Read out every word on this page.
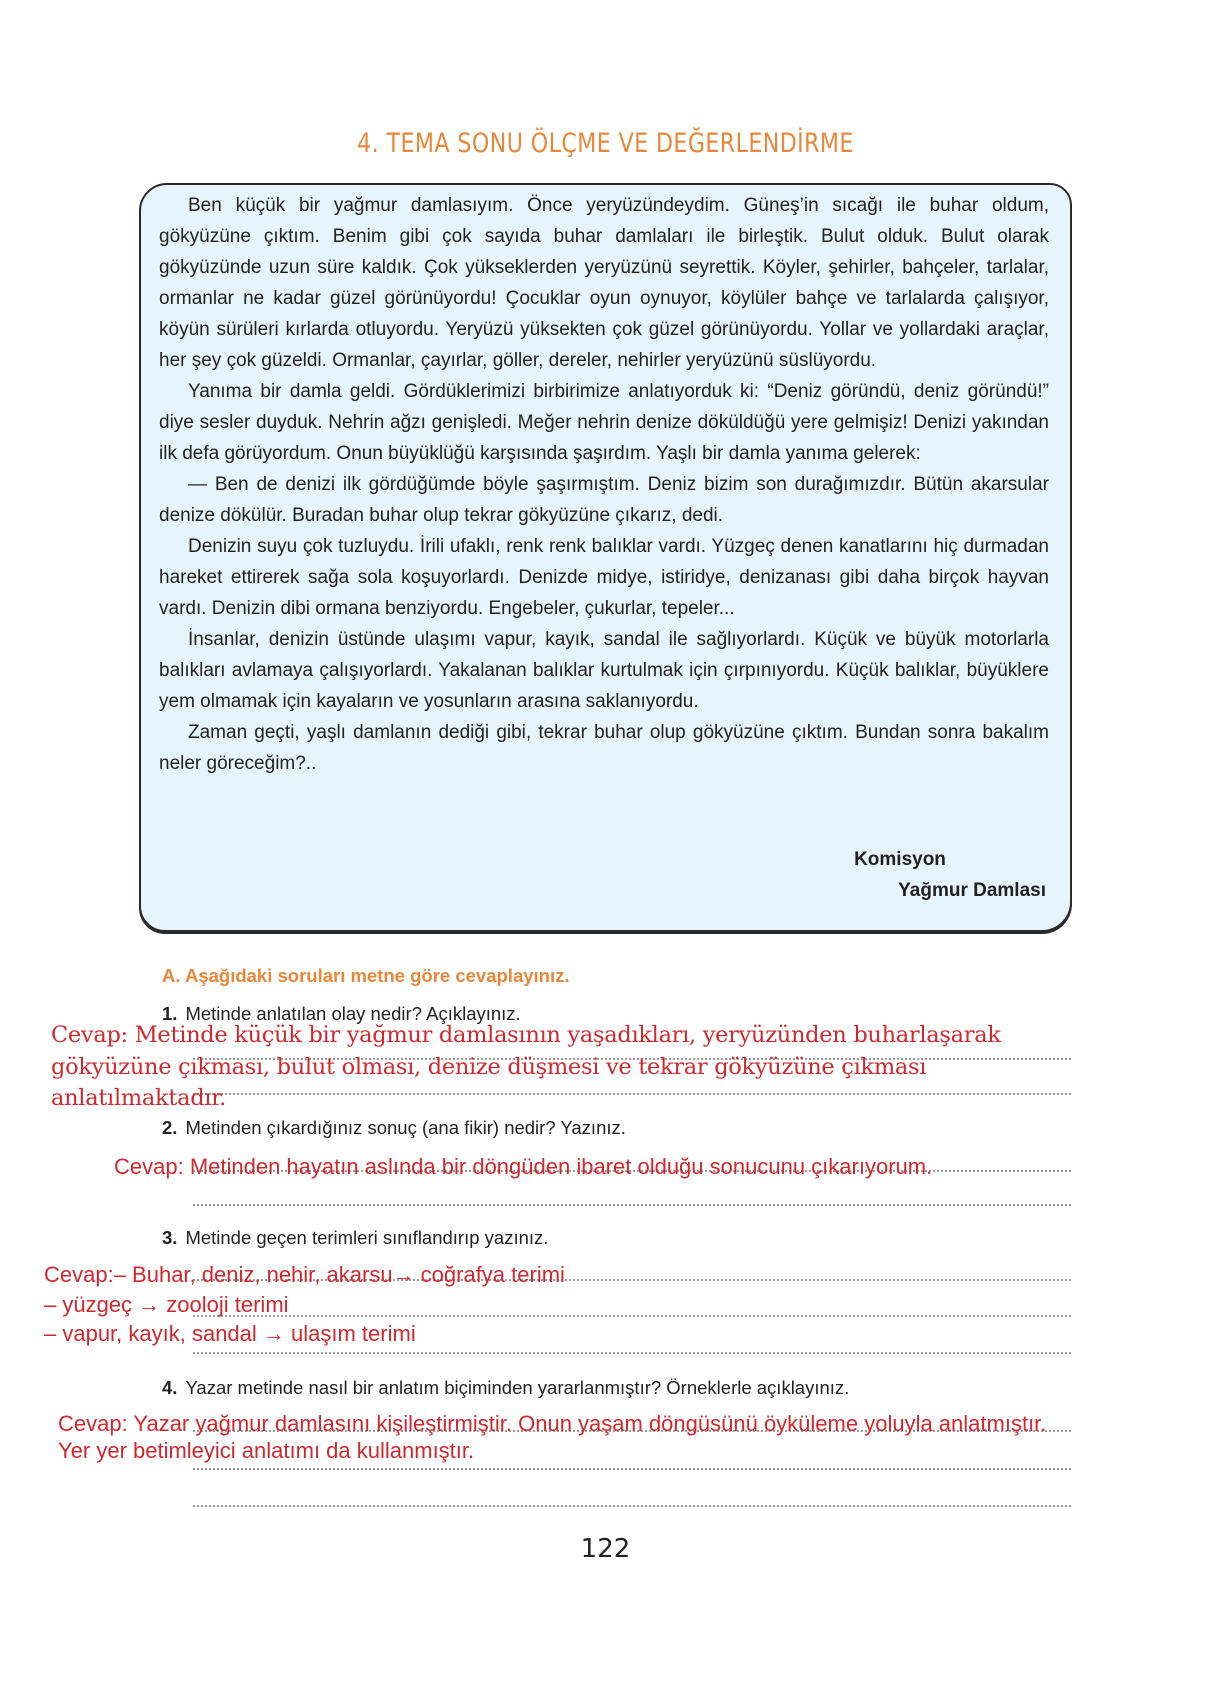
4. TEMA SONU ÖLÇME VE DEĞERLENDİRME

Ben küçük bir yağmur damlasıyım. Önce yeryüzündeydim. Güneş’in sıcağı ile buhar oldum, gökyüzüne çıktım. Benim gibi çok sayıda buhar damlaları ile birleştik. Bulut olduk. Bulut olarak gökyüzünde uzun süre kaldık. Çok yükseklerden yeryüzünü seyrettik. Köyler, şehirler, bahçeler, tarlalar, ormanlar ne kadar güzel görünüyordu! Çocuklar oyun oynuyor, köylüler bahçe ve tarlalarda çalışıyor, köyün sürüleri kırlarda otluyordu. Yeryüzü yüksekten çok güzel görünüyordu. Yollar ve yollardaki araçlar, her şey çok güzeldi. Ormanlar, çayırlar, göller, dereler, nehirler yeryüzünü süslüyordu.

Yanıma bir damla geldi. Gördüklerimizi birbirimize anlatıyorduk ki: “Deniz göründü, deniz göründü!” diye sesler duyduk. Nehrin ağzı genişledi. Meğer nehrin denize döküldüğü yere gelmişiz! Denizi yakından ilk defa görüyordum. Onun büyüklüğü karşısında şaşırdım. Yaşlı bir damla yanıma gelerek:

— Ben de denizi ilk gördüğümde böyle şaşırmıştım. Deniz bizim son durağımızdır. Bütün akarsular denize dökülür. Buradan buhar olup tekrar gökyüzüne çıkarız, dedi.

Denizin suyu çok tuzluydu. İrili ufaklı, renk renk balıklar vardı. Yüzgeç denen kanatlarını hiç durmadan hareket ettirerek sağa sola koşuyorlardı. Denizde midye, istiridye, denizanası gibi daha birçok hayvan vardı. Denizin dibi ormana benziyordu. Engebeler, çukurlar, tepeler...

İnsanlar, denizin üstünde ulaşımı vapur, kayık, sandal ile sağlıyorlardı. Küçük ve büyük motorlarla balıkları avlamaya çalışıyorlardı. Yakalanan balıklar kurtulmak için çırpınıyordu. Küçük balıklar, büyüklere yem olmamak için kayaların ve yosunların arasına saklanıyordu.

Zaman geçti, yaşlı damlanın dediği gibi, tekrar buhar olup gökyüzüne çıktım. Bundan sonra bakalım neler göreceğim?..

Komisyon
Yağmur Damlası
A. Aşağıdaki soruları metne göre cevaplayınız.
1. Metinde anlatılan olay nedir? Açıklayınız.
Cevap: Metinde küçük bir yağmur damlasının yaşadıkları, yeryüzünden buharlaşarak
gökyüzüne çıkması, bulut olması, denize düşmesi ve tekrar gökyüzüne çıkması
anlatılmaktadır.
2. Metinden çıkardığınız sonuç (ana fikir) nedir? Yazınız.
Cevap: Metinden hayatın aslında bir döngüden ibaret olduğu sonucunu çıkarıyorum.
3. Metinde geçen terimleri sınıflandırıp yazınız.
Cevap:– Buhar, deniz, nehir, akarsu→ coğrafya terimi
– yüzgeç → zooloji terimi
– vapur, kayık, sandal → ulaşım terimi
4. Yazar metinde nasıl bir anlatım biçiminden yararlanmıştır? Örneklerle açıklayınız.
Cevap: Yazar yağmur damlasını kişileştirmiştir. Onun yaşam döngüsünü öyküleme yoluyla anlatmıştır.
Yer yer betimleyici anlatımı da kullanmıştır.
122
